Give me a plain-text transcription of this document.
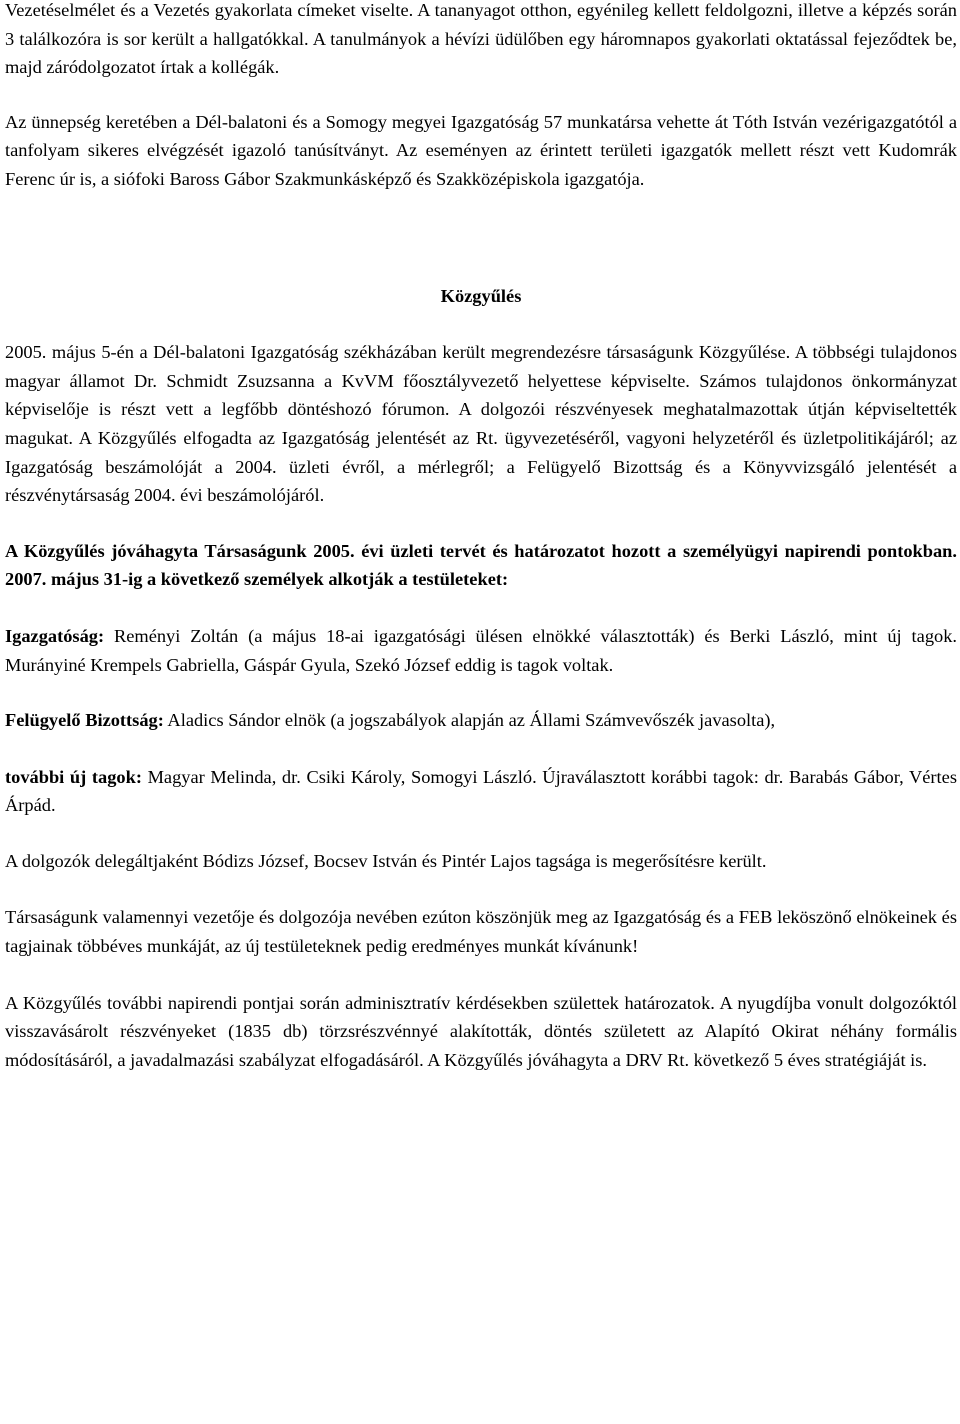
Vezetéselmélet és a Vezetés gyakorlata címeket viselte. A tananyagot otthon, egyénileg kellett feldolgozni, illetve a képzés során 3 találkozóra is sor került a hallgatókkal. A tanulmányok a hévízi üdülőben egy háromnapos gyakorlati oktatással fejeződtek be, majd záródolgozatot írtak a kollégák.

Az ünnepség keretében a Dél-balatoni és a Somogy megyei Igazgatóság 57 munkatársa vehette át Tóth István vezérigazgatótól a tanfolyam sikeres elvégzését igazoló tanúsítványt. Az eseményen az érintett területi igazgatók mellett részt vett Kudomrák Ferenc úr is, a siófoki Baross Gábor Szakmunkásképző és Szakközépiskola igazgatója.

Közgyűlés

2005. május 5-én a Dél-balatoni Igazgatóság székházában került megrendezésre társaságunk Közgyűlése. A többségi tulajdonos magyar államot Dr. Schmidt Zsuzsanna a KvVM főosztályvezető helyettese képviselte. Számos tulajdonos önkormányzat képviselője is részt vett a legfőbb döntéshozó fórumon. A dolgozói részvényesek meghatalmazottak útján képviseltették magukat. A Közgyűlés elfogadta az Igazgatóság jelentését az Rt. ügyvezetéséről, vagyoni helyzetéről és üzletpolitikájáról; az Igazgatóság beszámolóját a 2004. üzleti évről, a mérlegről; a Felügyelő Bizottság és a Könyvvizsgáló jelentését a részvénytársaság 2004. évi beszámolójáról.

A Közgyűlés jóváhagyta Társaságunk 2005. évi üzleti tervét és határozatot hozott a személyügyi napirendi pontokban. 2007. május 31-ig a következő személyek alkotják a testületeket:

Igazgatóság: Reményi Zoltán (a május 18-ai igazgatósági ülésen elnökké választották) és Berki László, mint új tagok. Murányiné Krempels Gabriella, Gáspár Gyula, Szekó József eddig is tagok voltak.

Felügyelő Bizottság: Aladics Sándor elnök (a jogszabályok alapján az Állami Számvevőszék javasolta),

további új tagok: Magyar Melinda, dr. Csiki Károly, Somogyi László. Újraválasztott korábbi tagok: dr. Barabás Gábor, Vértes Árpád.

A dolgozók delegáltjaként Bódizs József, Bocsev István és Pintér Lajos tagsága is megerősítésre került.

Társaságunk valamennyi vezetője és dolgozója nevében ezúton köszönjük meg az Igazgatóság és a FEB leköszönő elnökeinek és tagjainak többéves munkáját, az új testületeknek pedig eredményes munkát kívánunk!

A Közgyűlés további napirendi pontjai során adminisztratív kérdésekben születtek határozatok. A nyugdíjba vonult dolgozóktól visszavásárolt részvényeket (1835 db) törzsrészvénnyé alakították, döntés született az Alapító Okirat néhány formális módosításáról, a javadalmazási szabályzat elfogadásáról. A Közgyűlés jóváhagyta a DRV Rt. következő 5 éves stratégiáját is.
